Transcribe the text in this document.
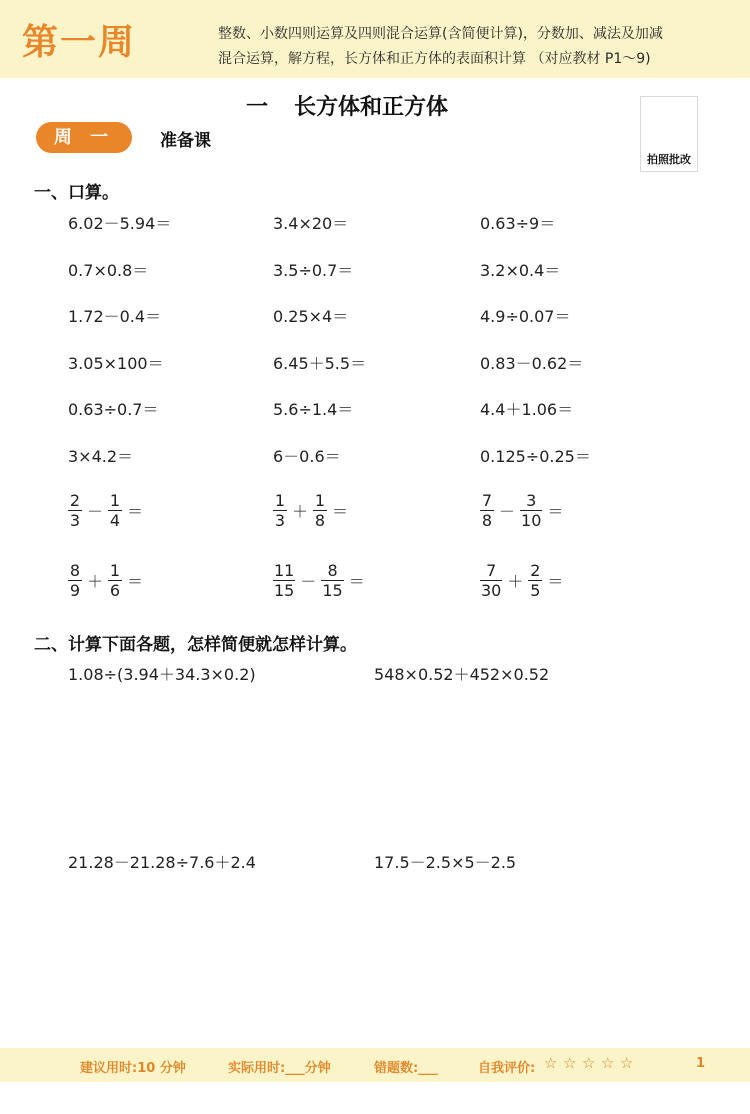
第一周	整数、小数四则运算及四则混合运算(含简便计算)，分数加、减法及加减
混合运算，解方程，长方体和正方体的表面积计算 （对应教材 P1～9)
一 长方体和正方体
周 一	准备课
拍照批改
一、口算。
6.02－5.94＝	3.4×20＝	0.63÷9＝
0.7×0.8＝	3.5÷0.7＝	3.2×0.4＝
1.72－0.4＝	0.25×4＝	4.9÷0.07＝
3.05×100＝	6.45＋5.5＝	0.83－0.62＝
0.63÷0.7＝	5.6÷1.4＝	4.4＋1.06＝
3×4.2＝	6－0.6＝	0.125÷0.25＝
$\frac{2}{3} - \frac{1}{4}$ ＝	$\frac{1}{3} + \frac{1}{8}$ ＝	$\frac{7}{8} - \frac{3}{10}$ ＝
$\frac{8}{9} + \frac{1}{6}$ ＝	$\frac{11}{15} - \frac{8}{15}$ ＝	$\frac{7}{30} + \frac{2}{5}$ ＝
二、计算下面各题，怎样简便就怎样计算。
1.08÷(3.94＋34.3×0.2)	548×0.52＋452×0.52
21.28－21.28÷7.6＋2.4	17.5－2.5×5－2.5
建议用时:10 分钟	实际用时:___分钟	错题数:___	自我评价: ☆ ☆ ☆ ☆ ☆	1
